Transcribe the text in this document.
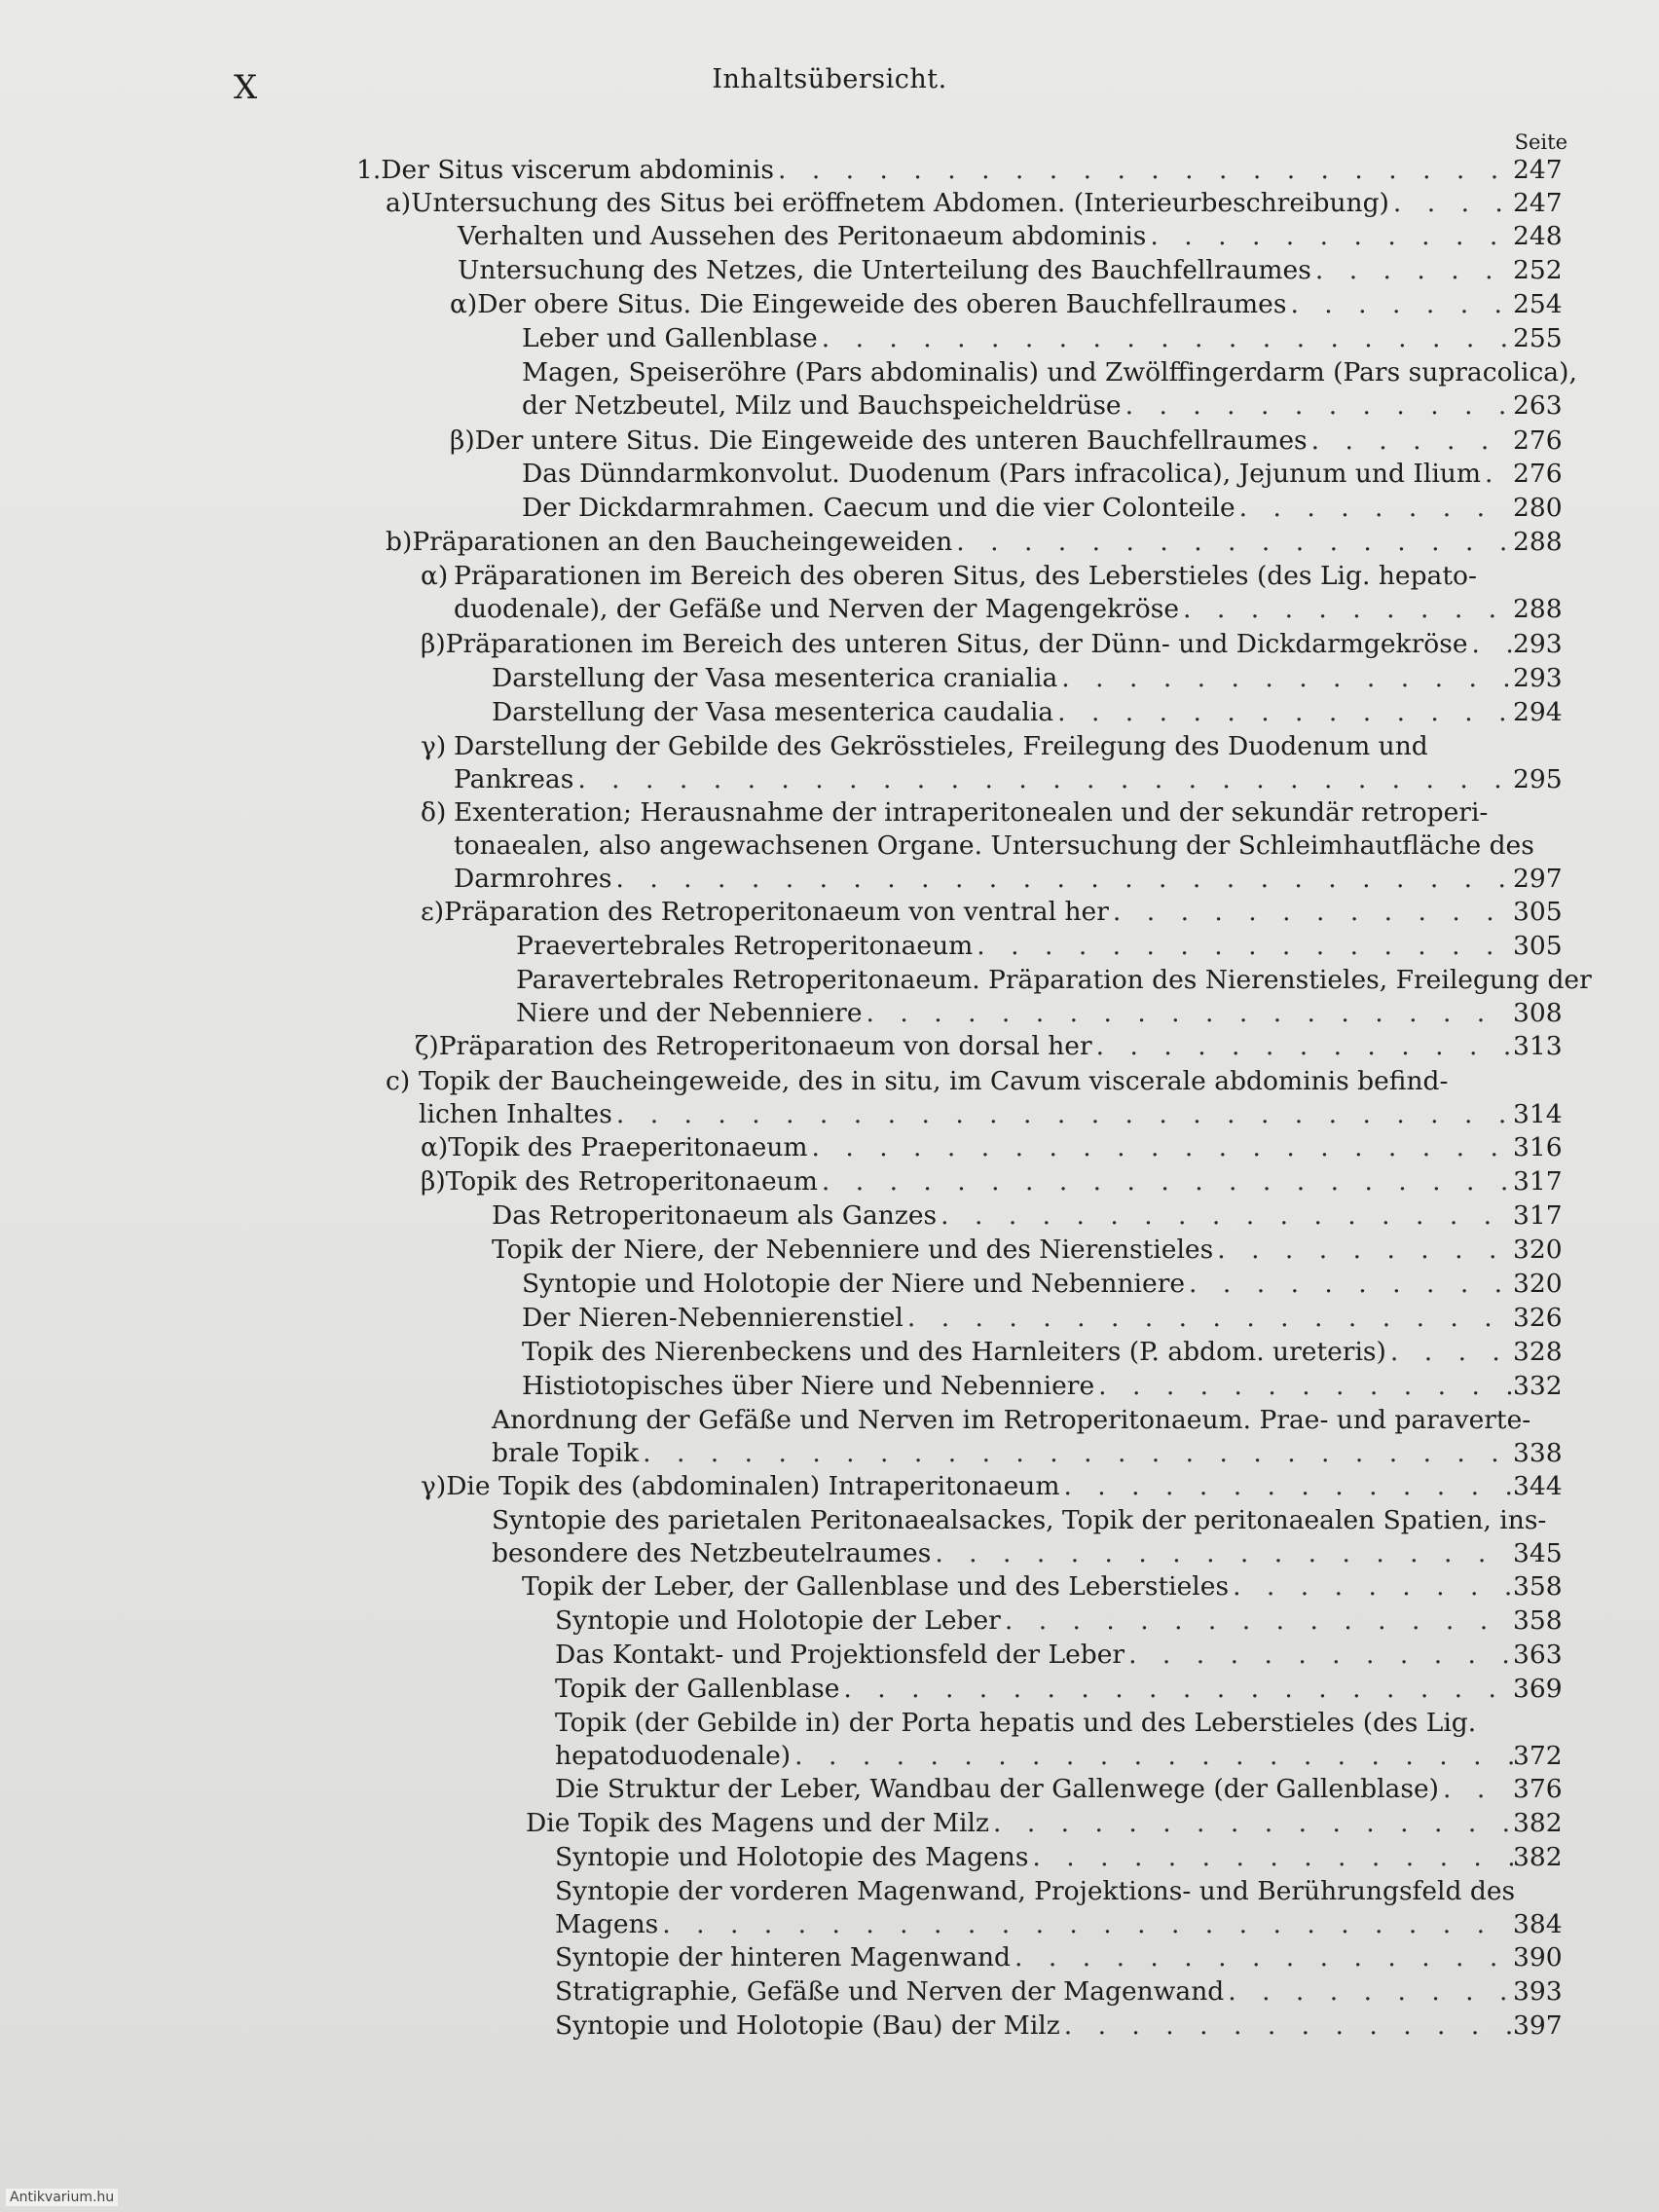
X	Inhaltsübersicht.
Seite
1. Der Situs viscerum abdominis . . .	247
a) Untersuchung des Situs bei eröffnetem Abdomen. (Interieurbeschreibung) . . .	247
Verhalten und Aussehen des Peritonaeum abdominis . . .	248
Untersuchung des Netzes, die Unterteilung des Bauchfellraumes . . .	252
α) Der obere Situs. Die Eingeweide des oberen Bauchfellraumes . . .	254
Leber und Gallenblase . . .	255
Magen, Speiseröhre (Pars abdominalis) und Zwölffingerdarm (Pars supracolica),
der Netzbeutel, Milz und Bauchspeicheldrüse . . .	263
β) Der untere Situs. Die Eingeweide des unteren Bauchfellraumes . . .	276
Das Dünndarmkonvolut. Duodenum (Pars infracolica), Jejunum und Ilium . . . 276
Der Dickdarmrahmen. Caecum und die vier Colonteile . . .	280
b) Präparationen an den Baucheingeweiden . . .	288
α) Präparationen im Bereich des oberen Situs, des Leberstieles (des Lig. hepato-
duodenale), der Gefäße und Nerven der Magengekröse . . .	288
β) Präparationen im Bereich des unteren Situs, der Dünn- und Dickdarmgekröse . . . 293
Darstellung der Vasa mesenterica cranialia . . .	293
Darstellung der Vasa mesenterica caudalia . . .	294
γ) Darstellung der Gebilde des Gekrösstieles, Freilegung des Duodenum und
Pankreas . . .	295
δ) Exenteration; Herausnahme der intraperitonealen und der sekundär retroperi-
tonaealen, also angewachsenen Organe. Untersuchung der Schleimhautfläche des
Darmrohres . . .	297
ε) Präparation des Retroperitonaeum von ventral her . . .	305
Praevertebrales Retroperitonaeum . . .	305
Paravertebrales Retroperitonaeum. Präparation des Nierenstieles, Freilegung der
Niere und der Nebenniere . . .	308
ζ) Präparation des Retroperitonaeum von dorsal her . . .	313
c) Topik der Baucheingeweide, des in situ, im Cavum viscerale abdominis befind-
lichen Inhaltes . . .	314
α) Topik des Praeperitonaeum . . .	316
β) Topik des Retroperitonaeum . . .	317
Das Retroperitonaeum als Ganzes . . .	317
Topik der Niere, der Nebenniere und des Nierenstieles . . .	320
Syntopie und Holotopie der Niere und Nebenniere . . .	320
Der Nieren-Nebennierenstiel . . .	326
Topik des Nierenbeckens und des Harnleiters (P. abdom. ureteris) . . .	328
Histiotopisches über Niere und Nebenniere . . .	332
Anordnung der Gefäße und Nerven im Retroperitonaeum. Prae- und paraverte-
brale Topik . . .	338
γ) Die Topik des (abdominalen) Intraperitonaeum . . .	344
Syntopie des parietalen Peritonaealsackes, Topik der peritonaealen Spatien, ins-
besondere des Netzbeutelraumes . . .	345
Topik der Leber, der Gallenblase und des Leberstieles . . .	358
Syntopie und Holotopie der Leber . . .	358
Das Kontakt- und Projektionsfeld der Leber . . .	363
Topik der Gallenblase . . .	369
Topik (der Gebilde in) der Porta hepatis und des Leberstieles (des Lig.
hepatoduodenale) . . .	372
Die Struktur der Leber, Wandbau der Gallenwege (der Gallenblase) . . .	376
Die Topik des Magens und der Milz . . .	382
Syntopie und Holotopie des Magens . . .	382
Syntopie der vorderen Magenwand, Projektions- und Berührungsfeld des
Magens . . .	384
Syntopie der hinteren Magenwand . . .	390
Stratigraphie, Gefäße und Nerven der Magenwand . . .	393
Syntopie und Holotopie (Bau) der Milz . . .	397
Antikvarium.hu
